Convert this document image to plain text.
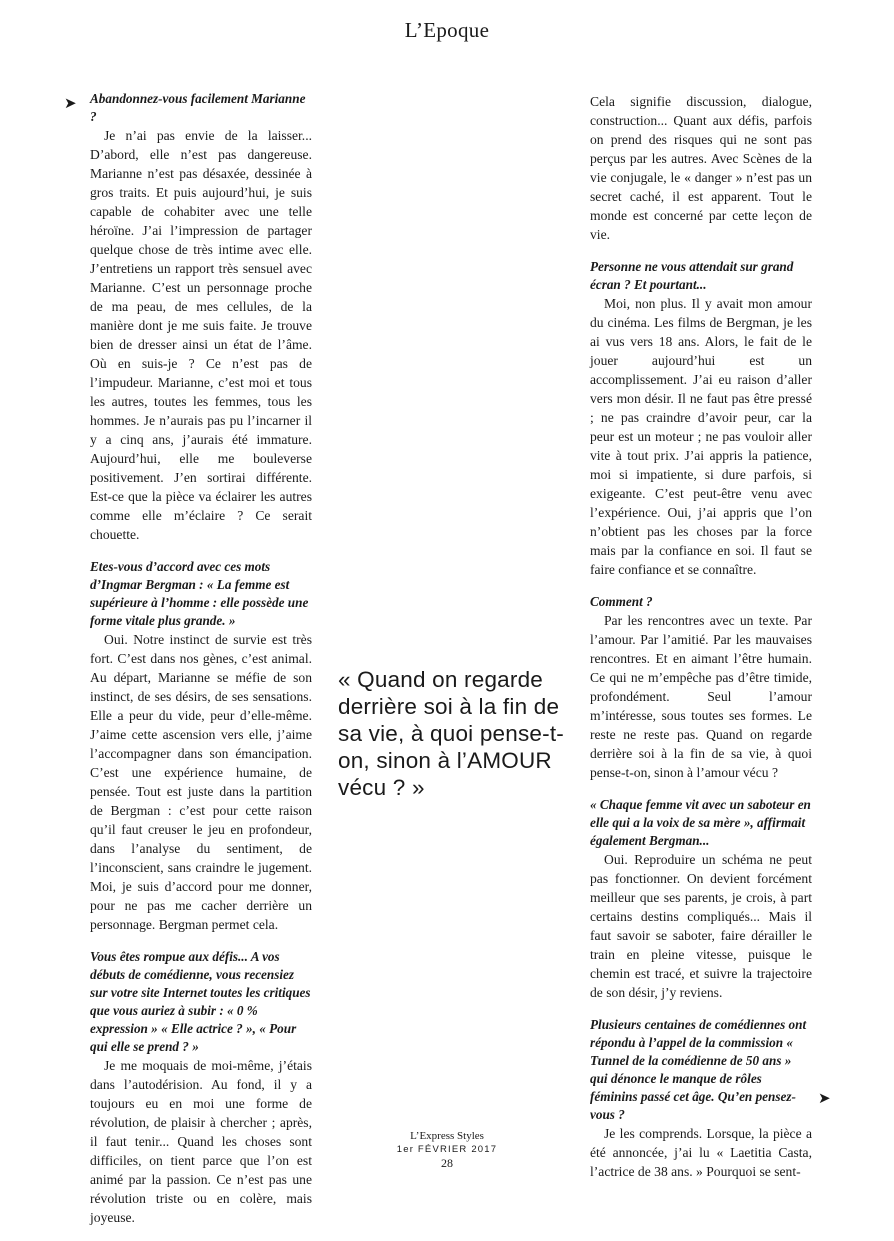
L’Epoque
➤ Abandonnez-vous facilement Marianne ?

Je n’ai pas envie de la laisser... D’abord, elle n’est pas dangereuse. Marianne n’est pas désaxée, dessinée à gros traits. Et puis aujourd’hui, je suis capable de cohabiter avec une telle héroïne. J’ai l’impression de partager quelque chose de très intime avec elle. J’entretiens un rapport très sensuel avec Marianne. C’est un personnage proche de ma peau, de mes cellules, de la manière dont je me suis faite. Je trouve bien de dresser ainsi un état de l’âme. Où en suis-je ? Ce n’est pas de l’impudeur. Marianne, c’est moi et tous les autres, toutes les femmes, tous les hommes. Je n’aurais pas pu l’incarner il y a cinq ans, j’aurais été immature. Aujourd’hui, elle me bouleverse positivement. J’en sortirai différente. Est-ce que la pièce va éclairer les autres comme elle m’éclaire ? Ce serait chouette.

Etes-vous d’accord avec ces mots d’Ingmar Bergman : « La femme est supérieure à l’homme : elle possède une forme vitale plus grande. »

Oui. Notre instinct de survie est très fort. C’est dans nos gènes, c’est animal. Au départ, Marianne se méfie de son instinct, de ses désirs, de ses sensations. Elle a peur du vide, peur d’elle-même. J’aime cette ascension vers elle, j’aime l’accompagner dans son émancipation. C’est une expérience humaine, de pensée. Tout est juste dans la partition de Bergman : c’est pour cette raison qu’il faut creuser le jeu en profondeur, dans l’analyse du sentiment, de l’inconscient, sans craindre le jugement. Moi, je suis d’accord pour me donner, pour ne pas me cacher derrière un personnage. Bergman permet cela.

Vous êtes rompue aux défis... A vos débuts de comédienne, vous recensiez sur votre site Internet toutes les critiques que vous auriez à subir : « 0 % expression » « Elle actrice ? », « Pour qui elle se prend ? »

Je me moquais de moi-même, j’étais dans l’autodérision. Au fond, il y a toujours eu en moi une forme de révolution, de plaisir à chercher ; après, il faut tenir... Quand les choses sont difficiles, on tient parce que l’on est animé par la passion. Ce n’est pas une révolution triste ou en colère, mais joyeuse.

« Quand on regarde derrière soi à la fin de sa vie, à quoi pense-t-on, sinon à l’AMOUR vécu ? »

Cela signifie discussion, dialogue, construction... Quant aux défis, parfois on prend des risques qui ne sont pas perçus par les autres. Avec Scènes de la vie conjugale, le « danger » n’est pas un secret caché, il est apparent. Tout le monde est concerné par cette leçon de vie.

Personne ne vous attendait sur grand écran ? Et pourtant...

Moi, non plus. Il y avait mon amour du cinéma. Les films de Bergman, je les ai vus vers 18 ans. Alors, le fait de le jouer aujourd’hui est un accomplissement. J’ai eu raison d’aller vers mon désir. Il ne faut pas être pressé ; ne pas craindre d’avoir peur, car la peur est un moteur ; ne pas vouloir aller vite à tout prix. J’ai appris la patience, moi si impatiente, si dure parfois, si exigeante. C’est peut-être venu avec l’expérience. Oui, j’ai appris que l’on n’obtient pas les choses par la force mais par la confiance en soi. Il faut se faire confiance et se connaître.

Comment ?

Par les rencontres avec un texte. Par l’amour. Par l’amitié. Par les mauvaises rencontres. Et en aimant l’être humain. Ce qui ne m’empêche pas d’être timide, profondément. Seul l’amour m’intéresse, sous toutes ses formes. Le reste ne reste pas. Quand on regarde derrière soi à la fin de sa vie, à quoi pense-t-on, sinon à l’amour vécu ?

« Chaque femme vit avec un saboteur en elle qui a la voix de sa mère », affirmait également Bergman...

Oui. Reproduire un schéma ne peut pas fonctionner. On devient forcément meilleur que ses parents, je crois, à part certains destins compliqués... Mais il faut savoir se saboter, faire dérailler le train en pleine vitesse, puisque le chemin est tracé, et suivre la trajectoire de son désir, j’y reviens.

Plusieurs centaines de comédiennes ont répondu à l’appel de la commission « Tunnel de la comédienne de 50 ans » qui dénonce le manque de rôles féminins passé cet âge. Qu’en pensez-vous ?

Je les comprends. Lorsque, la pièce a été annoncée, j’ai lu « Laetitia Casta, l’actrice de 38 ans. » Pourquoi se sent-

➤
L’Express Styles
1er FÉVRIER 2017
28
